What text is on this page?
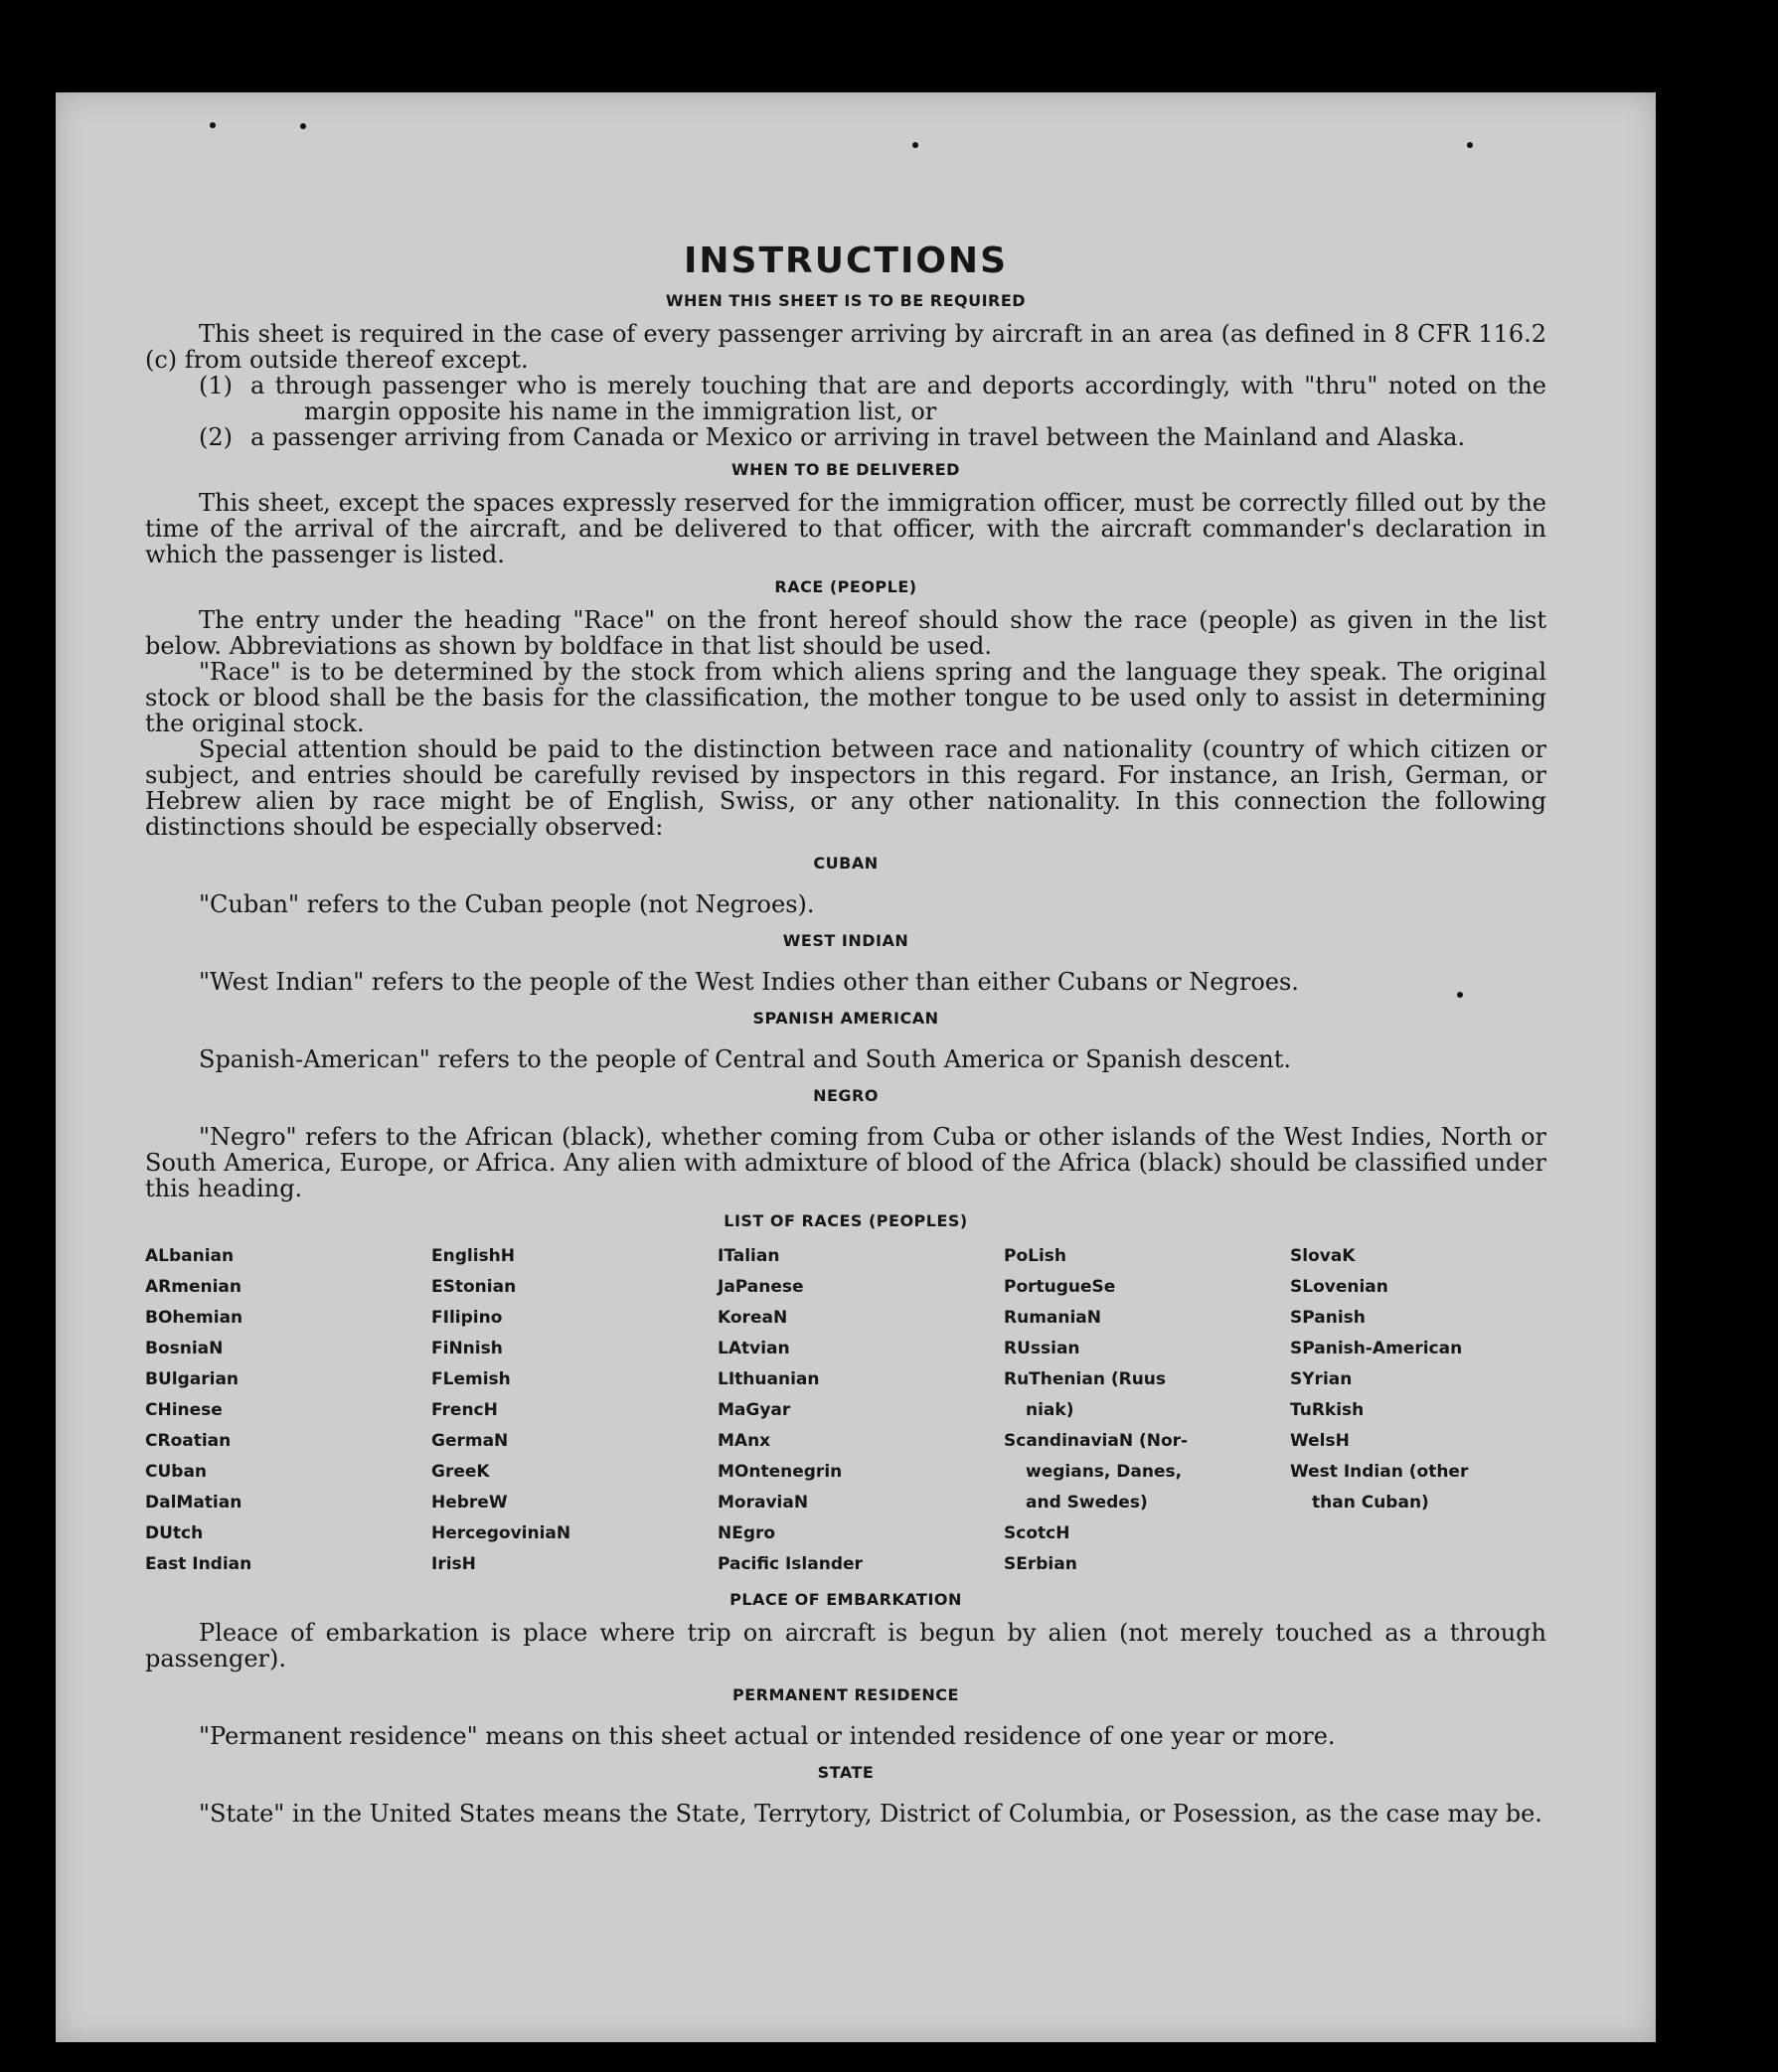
INSTRUCTIONS
WHEN THIS SHEET IS TO BE REQUIRED

This sheet is required in the case of every passenger arriving by aircraft in an area (as defined in 8 CFR 116.2 (c) from outside thereof except.

(1) a through passenger who is merely touching that are and deports accordingly, with "thru" noted on the margin opposite his name in the immigration list, or

(2) a passenger arriving from Canada or Mexico or arriving in travel between the Mainland and Alaska.

WHEN TO BE DELIVERED

This sheet, except the spaces expressly reserved for the immigration officer, must be correctly filled out by the time of the arrival of the aircraft, and be delivered to that officer, with the aircraft commander's declaration in which the passenger is listed.

RACE (PEOPLE)

The entry under the heading "Race" on the front hereof should show the race (people) as given in the list below. Abbreviations as shown by boldface in that list should be used.

"Race" is to be determined by the stock from which aliens spring and the language they speak. The original stock or blood shall be the basis for the classification, the mother tongue to be used only to assist in determining the original stock.

Special attention should be paid to the distinction between race and nationality (country of which citizen or subject, and entries should be carefully revised by inspectors in this regard. For instance, an Irish, German, or Hebrew alien by race might be of English, Swiss, or any other nationality. In this connection the following distinctions should be especially observed:

CUBAN

"Cuban" refers to the Cuban people (not Negroes).

WEST INDIAN

"West Indian" refers to the people of the West Indies other than either Cubans or Negroes.

SPANISH AMERICAN

Spanish-American" refers to the people of Central and South America or Spanish descent.

NEGRO

"Negro" refers to the African (black), whether coming from Cuba or other islands of the West Indies, North or South America, Europe, or Africa. Any alien with admixture of blood of the Africa (black) should be classified under this heading.

LIST OF RACES (PEOPLES)
ALbanian
ARmenian
BOhemian
BosniaN
BUlgarian
CHinese
CRoatian
CUban
DalMatian
DUtch
East Indian
EnglishH
EStonian
FIlipino
FiNnish
FLemish
FrencH
GermaN
GreeK
HebreW
HercegoviniaN
IrisH
ITalian
JaPanese
KoreaN
LAtvian
LIthuanian
MaGyar
MAnx
MOntenegrin
MoraviaN
NEgro
Pacific Islander
PoLish
PortugueSe
RumaniaN
RUssian
RuThenian (Ruus
niak)
ScandinaviaN (Nor-
wegians, Danes,
and Swedes)
ScotcH
SErbian
SlovaK
SLovenian
SPanish
SPanish-American
SYrian
TuRkish
WelsH
West Indian (other
than Cuban)
PLACE OF EMBARKATION

Pleace of embarkation is place where trip on aircraft is begun by alien (not merely touched as a through passenger).

PERMANENT RESIDENCE

"Permanent residence" means on this sheet actual or intended residence of one year or more.

STATE

"State" in the United States means the State, Terrytory, District of Columbia, or Posession, as the case may be.
